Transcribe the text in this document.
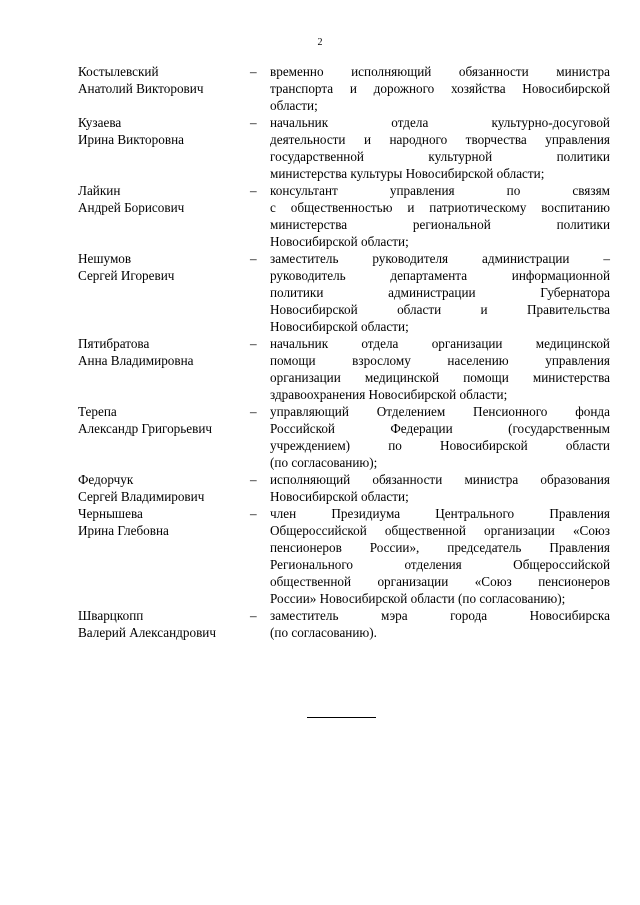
2
Костылевский
Анатолий Викторович
–	временно исполняющий обязанности министра
транспорта и дорожного хозяйства Новосибирской
области;
Кузаева
Ирина Викторовна
–	начальник отдела культурно-досуговой
деятельности и народного творчества управления
государственной культурной политики
министерства культуры Новосибирской области;
Лайкин
Андрей Борисович
–	консультант управления по связям
с общественностью и патриотическому воспитанию
министерства региональной политики
Новосибирской области;
Нешумов
Сергей Игоревич
–	заместитель руководителя администрации –
руководитель департамента информационной
политики администрации Губернатора
Новосибирской области и Правительства
Новосибирской области;
Пятибратова
Анна Владимировна
–	начальник отдела организации медицинской
помощи взрослому населению управления
организации медицинской помощи министерства
здравоохранения Новосибирской области;
Терепа
Александр Григорьевич
–	управляющий Отделением Пенсионного фонда
Российской Федерации (государственным
учреждением) по Новосибирской области
(по согласованию);
Федорчук
Сергей Владимирович
–	исполняющий обязанности министра образования
Новосибирской области;
Чернышева
Ирина Глебовна
–	член Президиума Центрального Правления
Общероссийской общественной организации «Союз
пенсионеров России», председатель Правления
Регионального отделения Общероссийской
общественной организации «Союз пенсионеров
России» Новосибирской области (по согласованию);
Шварцкопп
Валерий Александрович
–	заместитель мэра города Новосибирска
(по согласованию).
